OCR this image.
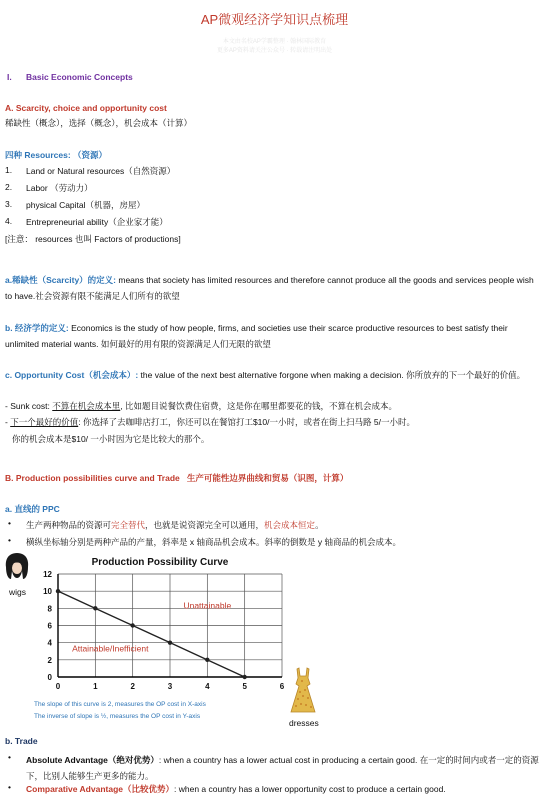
AP微观经济学知识点梳理
本文由名校AP学霸整理 · 翰林国际教育
更多AP资料请关注公众号 · 转载请注明出处
I. Basic Economic Concepts
A. Scarcity, choice and opportunity cost
稀缺性（概念），选择（概念），机会成本（计算）
四种 Resources: （资源）
1. Land or Natural resources（自然资源）
2. Labor （劳动力）
3. physical Capital（机器，房屋）
4. Entrepreneurial ability（企业家才能）
[注意： resources 也叫 Factors of productions]
a.稀缺性（Scarcity）的定义: means that society has limited resources and therefore cannot produce all the goods and services people wish to have.社会资源有限不能满足人们所有的欲望
b. 经济学的定义: Economics is the study of how people, firms, and societies use their scarce productive resources to best satisfy their unlimited material wants. 如何最好的用有限的资源满足人们无限的欲望
c. Opportunity Cost（机会成本）: the value of the next best alternative forgone when making a decision. 你所放弃的下一个最好的价值。
- Sunk cost: 不算在机会成本里, 比如题目说餐饮费住宿费，这是你在哪里都要花的钱，不算在机会成本。
- 下一个最好的价值: 你选择了去咖啡店打工，你还可以在餐馆打工$10/一小时，或者在街上扫马路 5/一小时。
你的机会成本是$10/ 一小时因为它是比较大的那个。
B. Production possibilities curve and Trade 生产可能性边界曲线和贸易（识图，计算）
a. 直线的 PPC
• 生产两种物品的资源可完全替代，也就是说资源完全可以通用，机会成本恒定。
• 横纵坐标轴分别是两种产品的产量，斜率是 x 轴商品机会成本。斜率的倒数是 y 轴商品的机会成本。
Production Possibility Curve
0
2
4
6
8
10
12
0	1	2	3	4	5	6
Unattainable
Attainable/Inefficient
wigs
dresses
The slope of this curve is 2, measures the OP cost in X-axis
The inverse of slope is ½, measures the OP cost in Y-axis
b. Trade
• Absolute Advantage（绝对优势）: when a country has a lower actual cost in producing a certain good. 在一定的时间内或者一定的资源下，比别人能够生产更多的能力。
• Comparative Advantage（比较优势）: when a country has a lower opportunity cost to produce a certain good.
